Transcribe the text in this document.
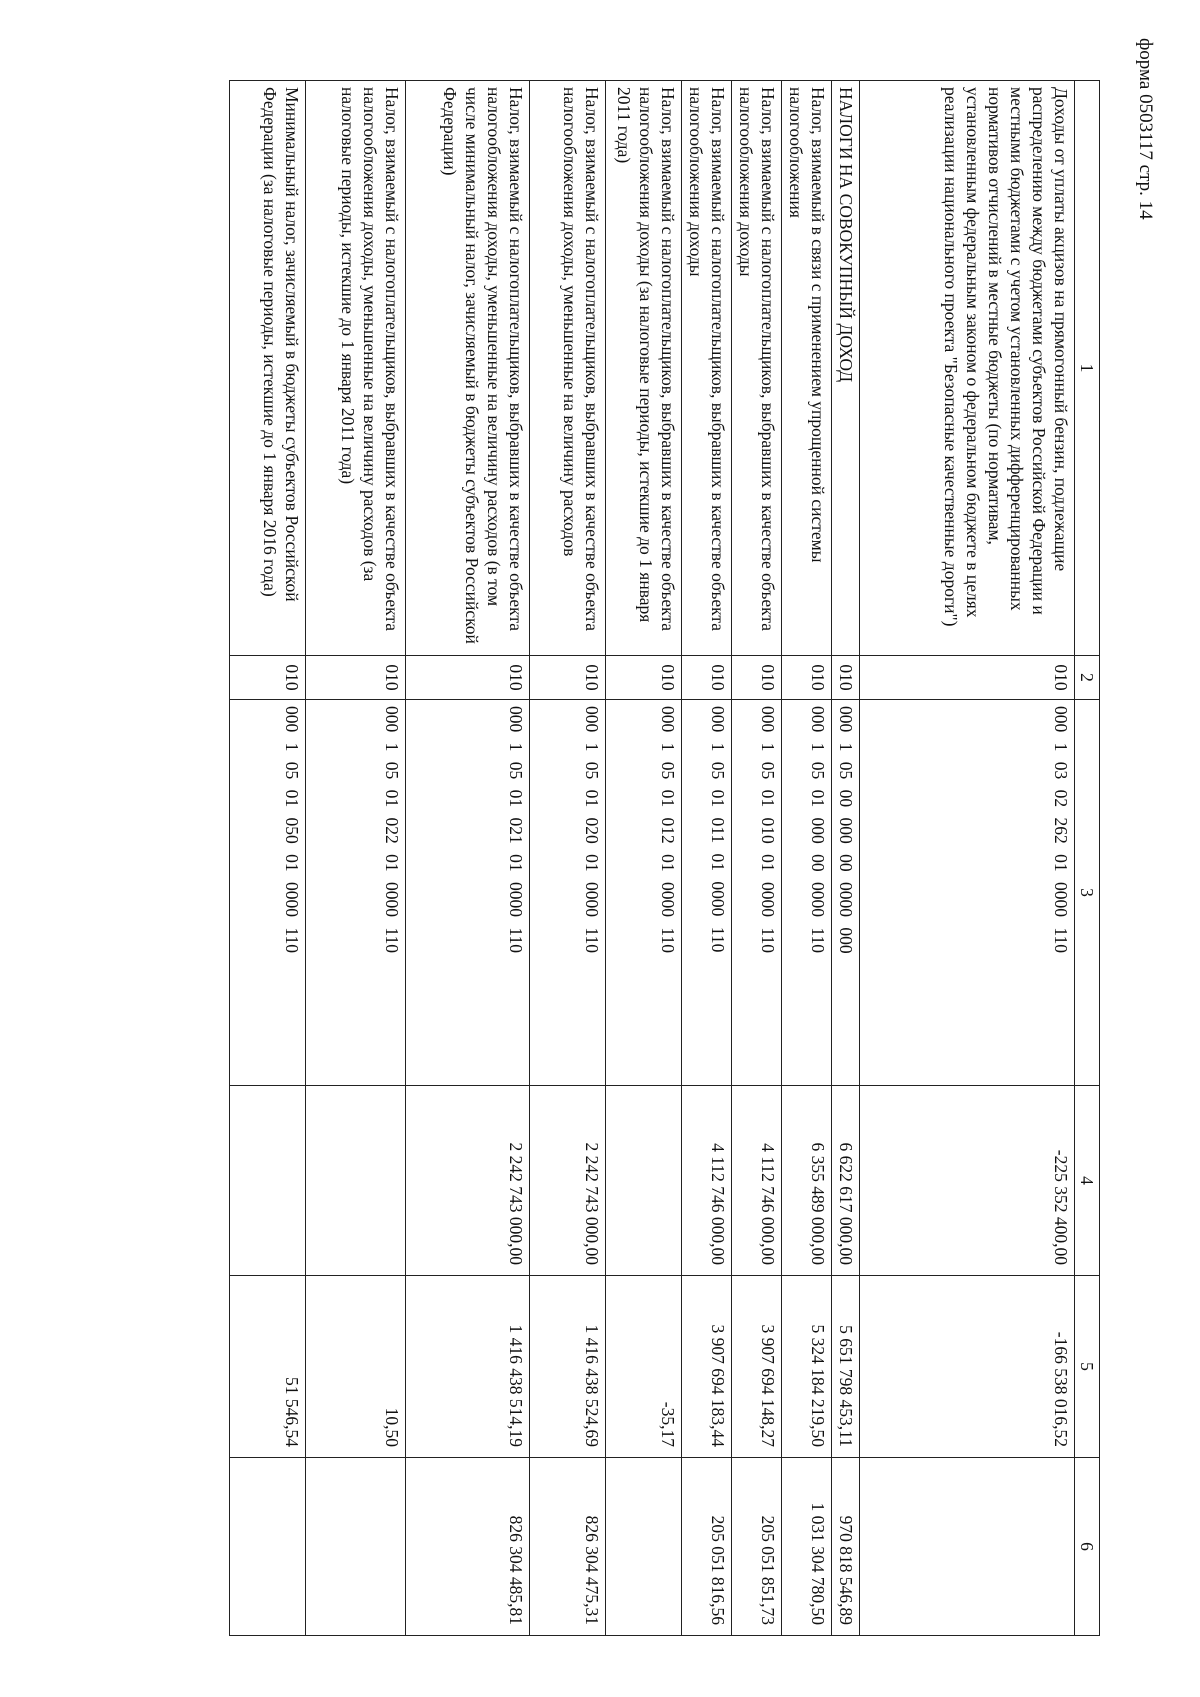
форма 0503117 стр. 14
1	2	3	4	5	6
Доходы от уплаты акцизов на прямогонный бензин, подлежащие распределению между бюджетами субъектов Российской Федерации и местными бюджетами с учетом установленных дифференцированных нормативов отчислений в местные бюджеты (по нормативам, установленным федеральным законом о федеральном бюджете в целях реализации национального проекта "Безопасные качественные дороги")	010	000 1 03 02 262 01 0000 110	-225 352 400,00	-166 538 016,52	
НАЛОГИ НА СОВОКУПНЫЙ ДОХОД	010	000 1 05 00 000 00 0000 000	6 622 617 000,00	5 651 798 453,11	970 818 546,89
Налог, взимаемый в связи с применением упрощенной системы налогообложения	010	000 1 05 01 000 00 0000 110	6 355 489 000,00	5 324 184 219,50	1 031 304 780,50
Налог, взимаемый с налогоплательщиков, выбравших в качестве объекта налогообложения доходы	010	000 1 05 01 010 01 0000 110	4 112 746 000,00	3 907 694 148,27	205 051 851,73
Налог, взимаемый с налогоплательщиков, выбравших в качестве объекта налогообложения доходы	010	000 1 05 01 011 01 0000 110	4 112 746 000,00	3 907 694 183,44	205 051 816,56
Налог, взимаемый с налогоплательщиков, выбравших в качестве объекта налогообложения доходы (за налоговые периоды, истекшие до 1 января 2011 года)	010	000 1 05 01 012 01 0000 110		-35,17	
Налог, взимаемый с налогоплательщиков, выбравших в качестве объекта налогообложения доходы, уменьшенные на величину расходов	010	000 1 05 01 020 01 0000 110	2 242 743 000,00	1 416 438 524,69	826 304 475,31
Налог, взимаемый с налогоплательщиков, выбравших в качестве объекта налогообложения доходы, уменьшенные на величину расходов (в том числе минимальный налог, зачисляемый в бюджеты субъектов Российской Федерации)	010	000 1 05 01 021 01 0000 110	2 242 743 000,00	1 416 438 514,19	826 304 485,81
Налог, взимаемый с налогоплательщиков, выбравших в качестве объекта налогообложения доходы, уменьшенные на величину расходов (за налоговые периоды, истекшие до 1 января 2011 года)	010	000 1 05 01 022 01 0000 110		10,50	
Минимальный налог, зачисляемый в бюджеты субъектов Российской Федерации (за налоговые периоды, истекшие до 1 января 2016 года)	010	000 1 05 01 050 01 0000 110		51 546,54	
